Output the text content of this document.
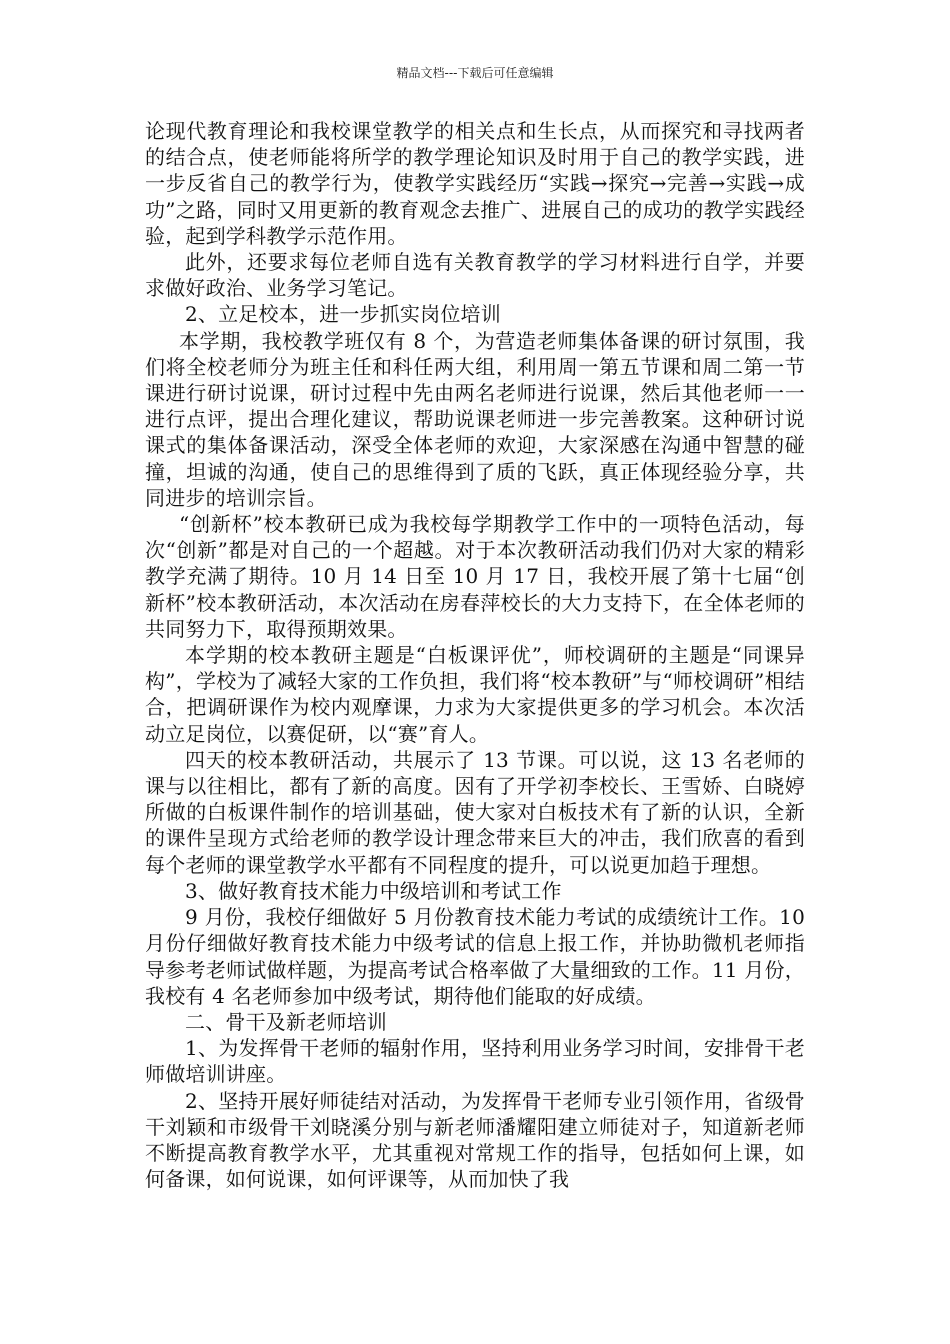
精品文档---下载后可任意编辑

论现代教育理论和我校课堂教学的相关点和生长点，从而探究和寻找两者的结合点，使老师能将所学的教学理论知识及时用于自己的教学实践，进一步反省自己的教学行为，使教学实践经历“实践→探究→完善→实践→成功”之路，同时又用更新的教育观念去推广、进展自己的成功的教学实践经验，起到学科教学示范作用。

此外，还要求每位老师自选有关教育教学的学习材料进行自学，并要求做好政治、业务学习笔记。

2、立足校本，进一步抓实岗位培训

本学期，我校教学班仅有 8 个，为营造老师集体备课的研讨氛围，我们将全校老师分为班主任和科任两大组，利用周一第五节课和周二第一节课进行研讨说课，研讨过程中先由两名老师进行说课，然后其他老师一一进行点评，提出合理化建议，帮助说课老师进一步完善教案。这种研讨说课式的集体备课活动，深受全体老师的欢迎，大家深感在沟通中智慧的碰撞，坦诚的沟通，使自己的思维得到了质的飞跃，真正体现经验分享，共同进步的培训宗旨。

“创新杯”校本教研已成为我校每学期教学工作中的一项特色活动，每次“创新”都是对自己的一个超越。对于本次教研活动我们仍对大家的精彩教学充满了期待。10 月 14 日至 10 月 17 日，我校开展了第十七届“创新杯”校本教研活动，本次活动在房春萍校长的大力支持下，在全体老师的共同努力下，取得预期效果。

本学期的校本教研主题是“白板课评优”，师校调研的主题是“同课异构”，学校为了减轻大家的工作负担，我们将“校本教研”与“师校调研”相结合，把调研课作为校内观摩课，力求为大家提供更多的学习机会。本次活动立足岗位，以赛促研，以“赛”育人。

四天的校本教研活动，共展示了 13 节课。可以说，这 13 名老师的课与以往相比，都有了新的高度。因有了开学初李校长、王雪娇、白晓婷所做的白板课件制作的培训基础，使大家对白板技术有了新的认识，全新的课件呈现方式给老师的教学设计理念带来巨大的冲击，我们欣喜的看到每个老师的课堂教学水平都有不同程度的提升，可以说更加趋于理想。

3、做好教育技术能力中级培训和考试工作

9 月份，我校仔细做好 5 月份教育技术能力考试的成绩统计工作。10 月份仔细做好教育技术能力中级考试的信息上报工作，并协助微机老师指导参考老师试做样题，为提高考试合格率做了大量细致的工作。11 月份，我校有 4 名老师参加中级考试，期待他们能取的好成绩。

二、骨干及新老师培训

1、为发挥骨干老师的辐射作用，坚持利用业务学习时间，安排骨干老师做培训讲座。

2、坚持开展好师徒结对活动，为发挥骨干老师专业引领作用，省级骨干刘颖和市级骨干刘晓溪分别与新老师潘耀阳建立师徒对子，知道新老师不断提高教育教学水平，尤其重视对常规工作的指导，包括如何上课，如何备课，如何说课，如何评课等，从而加快了我
